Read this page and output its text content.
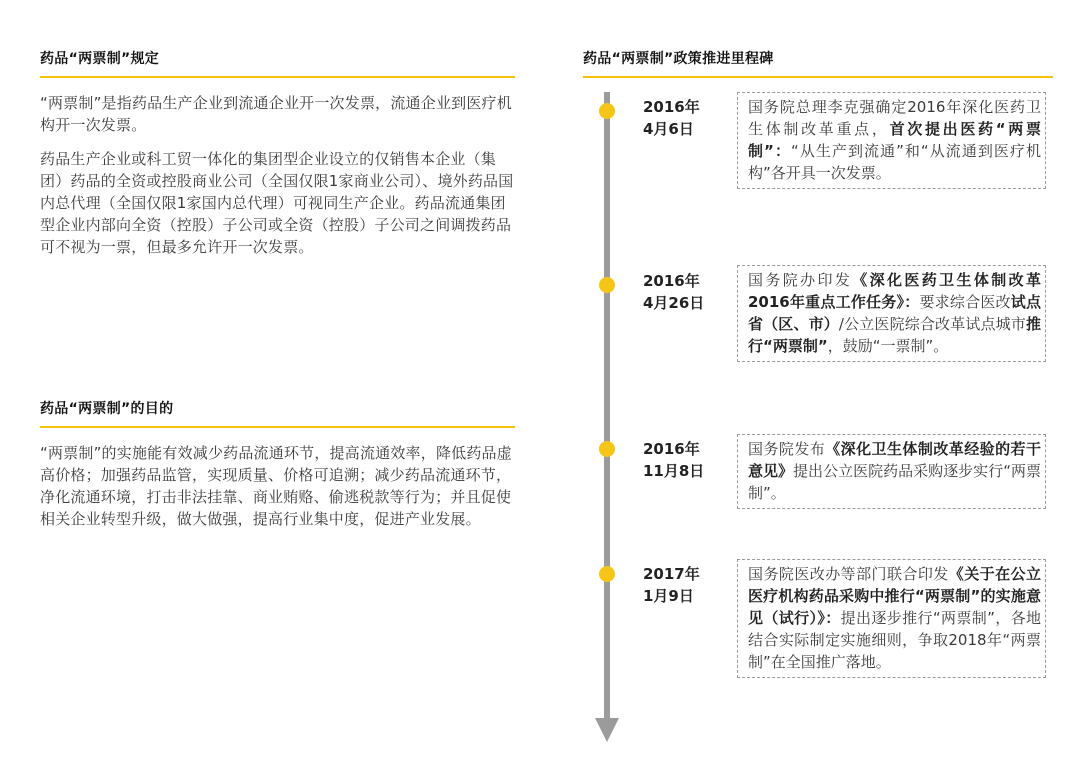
药品“两票制”规定

“两票制”是指药品生产企业到流通企业开一次发票，流通企业到医疗机构开一次发票。

药品生产企业或科工贸一体化的集团型企业设立的仅销售本企业（集团）药品的全资或控股商业公司（全国仅限1家商业公司）、境外药品国内总代理（全国仅限1家国内总代理）可视同生产企业。药品流通集团型企业内部向全资（控股）子公司或全资（控股）子公司之间调拨药品可不视为一票，但最多允许开一次发票。

药品“两票制”的目的

“两票制”的实施能有效减少药品流通环节，提高流通效率，降低药品虚高价格；加强药品监管，实现质量、价格可追溯；减少药品流通环节，净化流通环境，打击非法挂靠、商业贿赂、偷逃税款等行为；并且促使相关企业转型升级，做大做强，提高行业集中度，促进产业发展。

药品“两票制”政策推进里程碑
2016年
4月6日
国务院总理李克强确定2016年深化医药卫生体制改革重点，首次提出医药“两票制”：“从生产到流通”和“从流通到医疗机构”各开具一次发票。
2016年
4月26日
国务院办印发《深化医药卫生体制改革2016年重点工作任务》：要求综合医改试点省（区、市）/公立医院综合改革试点城市推行“两票制”，鼓励“一票制”。
2016年
11月8日
国务院发布《深化卫生体制改革经验的若干意见》提出公立医院药品采购逐步实行“两票制”。
2017年
1月9日
国务院医改办等部门联合印发《关于在公立医疗机构药品采购中推行“两票制”的实施意见（试行）》：提出逐步推行“两票制”，各地结合实际制定实施细则，争取2018年“两票制”在全国推广落地。
